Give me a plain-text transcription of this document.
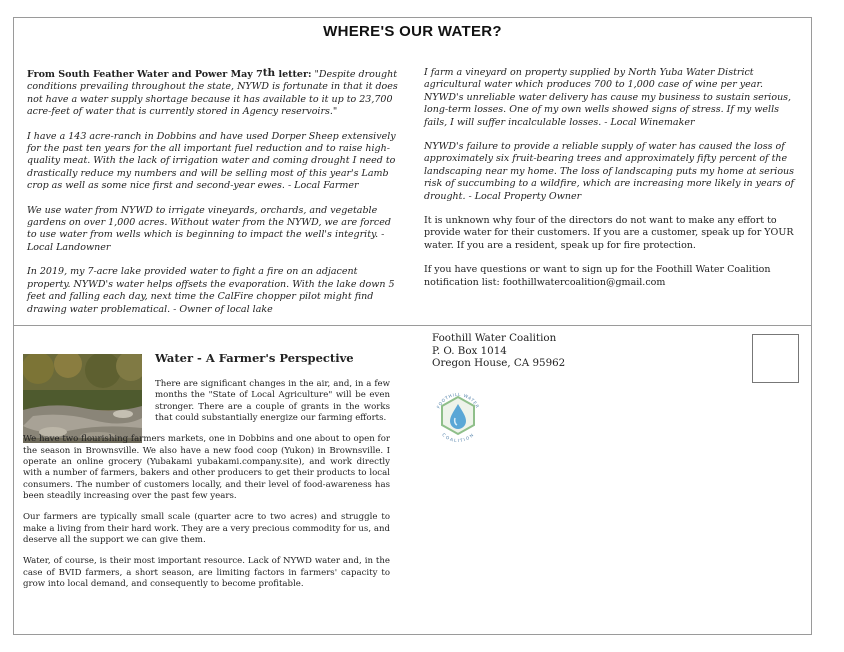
WHERE'S OUR WATER?

From South Feather Water and Power May 7th letter: "Despite drought conditions prevailing throughout the state, NYWD is fortunate in that it does not have a water supply shortage because it has available to it up to 23,700 acre-feet of water that is currently stored in Agency reservoirs."

I have a 143 acre-ranch in Dobbins and have used Dorper Sheep extensively for the past ten years for the all important fuel reduction and to raise high-quality meat. With the lack of irrigation water and coming drought I need to drastically reduce my numbers and will be selling most of this year's Lamb crop as well as some nice first and second-year ewes. - Local Farmer

We use water from NYWD to irrigate vineyards, orchards, and vegetable gardens on over 1,000 acres. Without water from the NYWD, we are forced to use water from wells which is beginning to impact the well's integrity. - Local Landowner

In 2019, my 7-acre lake provided water to fight a fire on an adjacent property. NYWD's water helps offsets the evaporation. With the lake down 5 feet and falling each day, next time the CalFire chopper pilot might find drawing water problematical. - Owner of local lake

I farm a vineyard on property supplied by North Yuba Water District agricultural water which produces 700 to 1,000 case of wine per year. NYWD's unreliable water delivery has cause my business to sustain serious, long-term losses. One of my own wells showed signs of stress. If my wells fails, I will suffer incalculable losses. - Local Winemaker

NYWD's failure to provide a reliable supply of water has caused the loss of approximately six fruit-bearing trees and approximately fifty percent of the landscaping near my home. The loss of landscaping puts my home at serious risk of succumbing to a wildfire, which are increasing more likely in years of drought. - Local Property Owner

It is unknown why four of the directors do not want to make any effort to provide water for their customers. If you are a customer, speak up for YOUR water. If you are a resident, speak up for fire protection.

If you have questions or want to sign up for the Foothill Water Coalition notification list: foothillwatercoalition@gmail.com

Water - A Farmer's Perspective

There are significant changes in the air, and, in a few months the "State of Local Agriculture" will be even stronger. There are a couple of grants in the works that could substantially energize our farming efforts.

We have two flourishing farmers markets, one in Dobbins and one about to open for the season in Brownsville. We also have a new food coop (Yukon) in Brownsville. I operate an online grocery (Yubakami yubakami.company.site), and work directly with a number of farmers, bakers and other producers to get their products to local consumers. The number of customers locally, and their level of food-awareness has been steadily increasing over the past few years.

Our farmers are typically small scale (quarter acre to two acres) and struggle to make a living from their hard work. They are a very precious commodity for us, and deserve all the support we can give them.

Water, of course, is their most important resource. Lack of NYWD water and, in the case of BVID farmers, a short season, are limiting factors in farmers' capacity to grow into local demand, and consequently to become profitable.

Foothill Water Coalition
P. O. Box 1014
Oregon House, CA 95962
FOOTHILL WATER
COALITION
